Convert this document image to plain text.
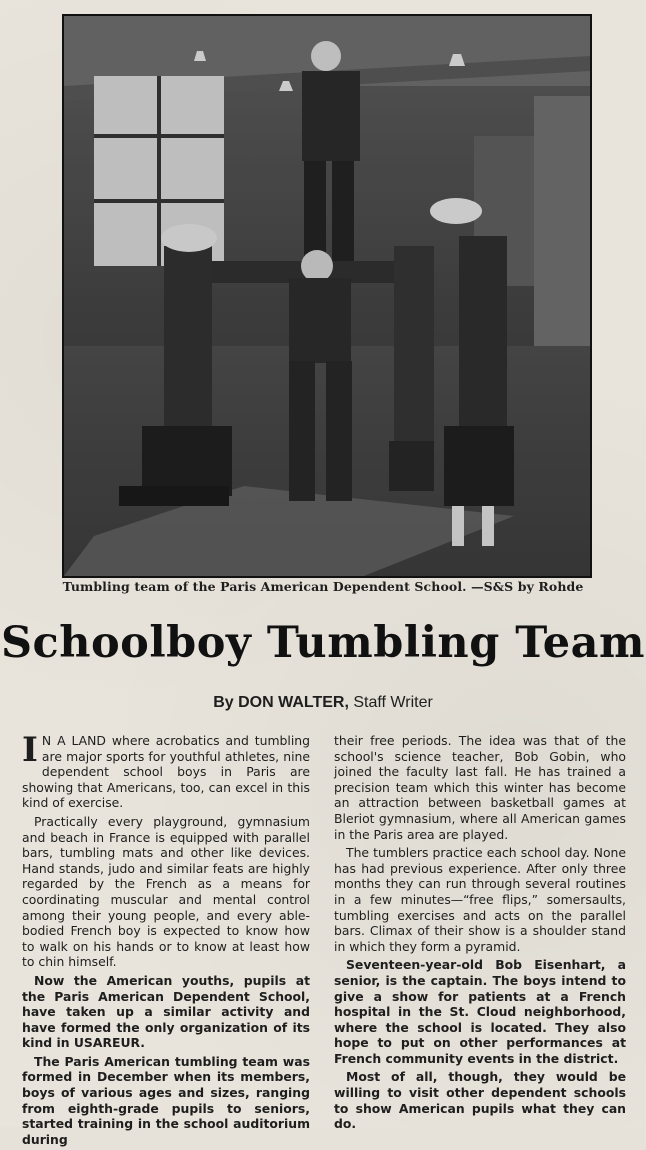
Tumbling team of the Paris American Dependent School. —S&S by Rohde
Schoolboy Tumbling Team
By DON WALTER, Staff Writer

I N A LAND where acrobatics and tumbling are major sports for youthful athletes, nine dependent school boys in Paris are showing that Americans, too, can excel in this kind of exercise.

Practically every playground, gymnasium and beach in France is equipped with parallel bars, tumbling mats and other like devices. Hand stands, judo and similar feats are highly regarded by the French as a means for coordinating muscular and mental control among their young people, and every able-bodied French boy is expected to know how to walk on his hands or to know at least how to chin himself.

Now the American youths, pupils at the Paris American Dependent School, have taken up a similar activity and have formed the only organization of its kind in USAREUR.

The Paris American tumbling team was formed in December when its members, boys of various ages and sizes, ranging from eighth-grade pupils to seniors, started training in the school auditorium during

their free periods. The idea was that of the school's science teacher, Bob Gobin, who joined the faculty last fall. He has trained a precision team which this winter has become an attraction between basketball games at Bleriot gymnasium, where all American games in the Paris area are played.

The tumblers practice each school day. None has had previous experience. After only three months they can run through several routines in a few minutes—“free flips,” somersaults, tumbling exercises and acts on the parallel bars. Climax of their show is a shoulder stand in which they form a pyramid.

Seventeen-year-old Bob Eisenhart, a senior, is the captain. The boys intend to give a show for patients at a French hospital in the St. Cloud neighborhood, where the school is located. They also hope to put on other performances at French community events in the district.

Most of all, though, they would be willing to visit other dependent schools to show American pupils what they can do.
